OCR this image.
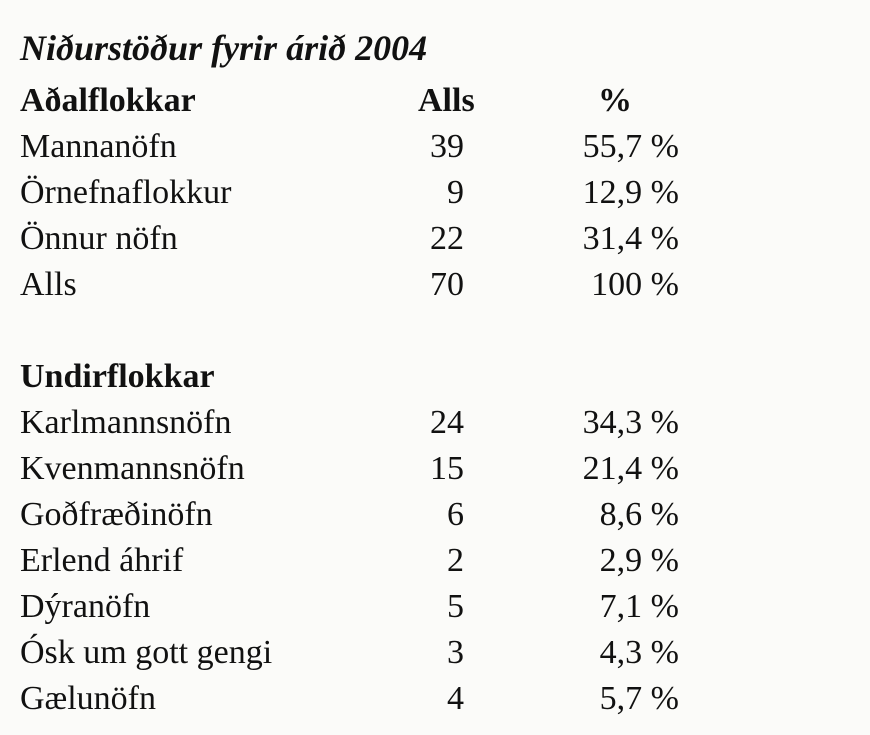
Niðurstöður fyrir árið 2004
Aðalflokkar	Alls	%
Mannanöfn	39	55,7 %
Örnefnaflokkur	9	12,9 %
Önnur nöfn	22	31,4 %
Alls	70	100 %
Undirflokkar
Karlmannsnöfn	24	34,3 %
Kvenmannsnöfn	15	21,4 %
Goðfræðinöfn	6	8,6 %
Erlend áhrif	2	2,9 %
Dýranöfn	5	7,1 %
Ósk um gott gengi	3	4,3 %
Gælunöfn	4	5,7 %
